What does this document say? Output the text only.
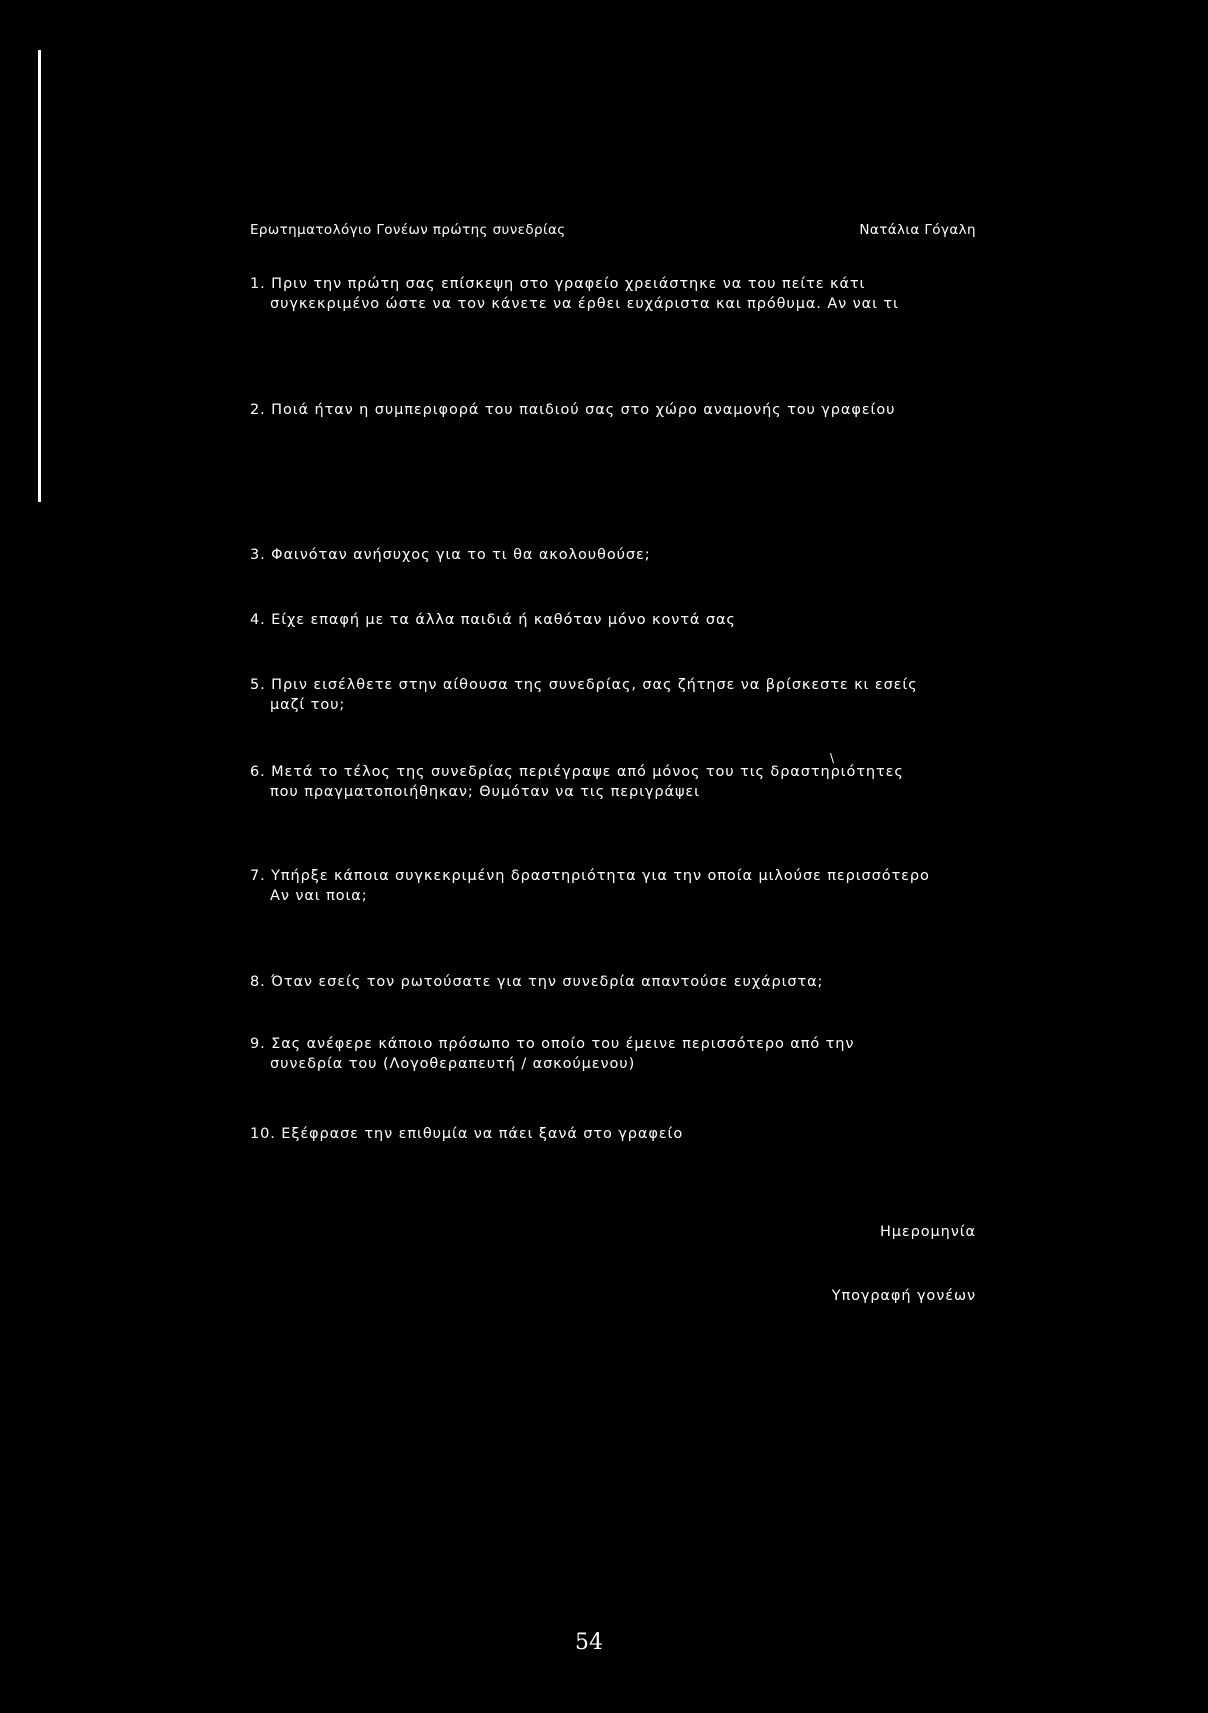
Ερωτηματολόγιο Γονέων πρώτης συνεδρίας	Νατάλια Γόγαλη
1. Πριν την πρώτη σας επίσκεψη στο γραφείο χρειάστηκε να του πείτε κάτι
συγκεκριμένο ώστε να τον κάνετε να έρθει ευχάριστα και πρόθυμα. Αν ναι τι
2. Ποιά ήταν η συμπεριφορά του παιδιού σας στο χώρο αναμονής του γραφείου
3. Φαινόταν ανήσυχος για το τι θα ακολουθούσε;
4. Είχε επαφή με τα άλλα παιδιά ή καθόταν μόνο κοντά σας
5. Πριν εισέλθετε στην αίθουσα της συνεδρίας, σας ζήτησε να βρίσκεστε κι εσείς
μαζί του;
\
6. Μετά το τέλος της συνεδρίας περιέγραψε από μόνος του τις δραστηριότητες
που πραγματοποιήθηκαν; Θυμόταν να τις περιγράψει
7. Υπήρξε κάποια συγκεκριμένη δραστηριότητα για την οποία μιλούσε περισσότερο
Αν ναι ποια;
8. Όταν εσείς τον ρωτούσατε για την συνεδρία απαντούσε ευχάριστα;
9. Σας ανέφερε κάποιο πρόσωπο το οποίο του έμεινε περισσότερο από την
συνεδρία του (Λογοθεραπευτή / ασκούμενου)
10. Εξέφρασε την επιθυμία να πάει ξανά στο γραφείο
Ημερομηνία
Υπογραφή γονέων
54
